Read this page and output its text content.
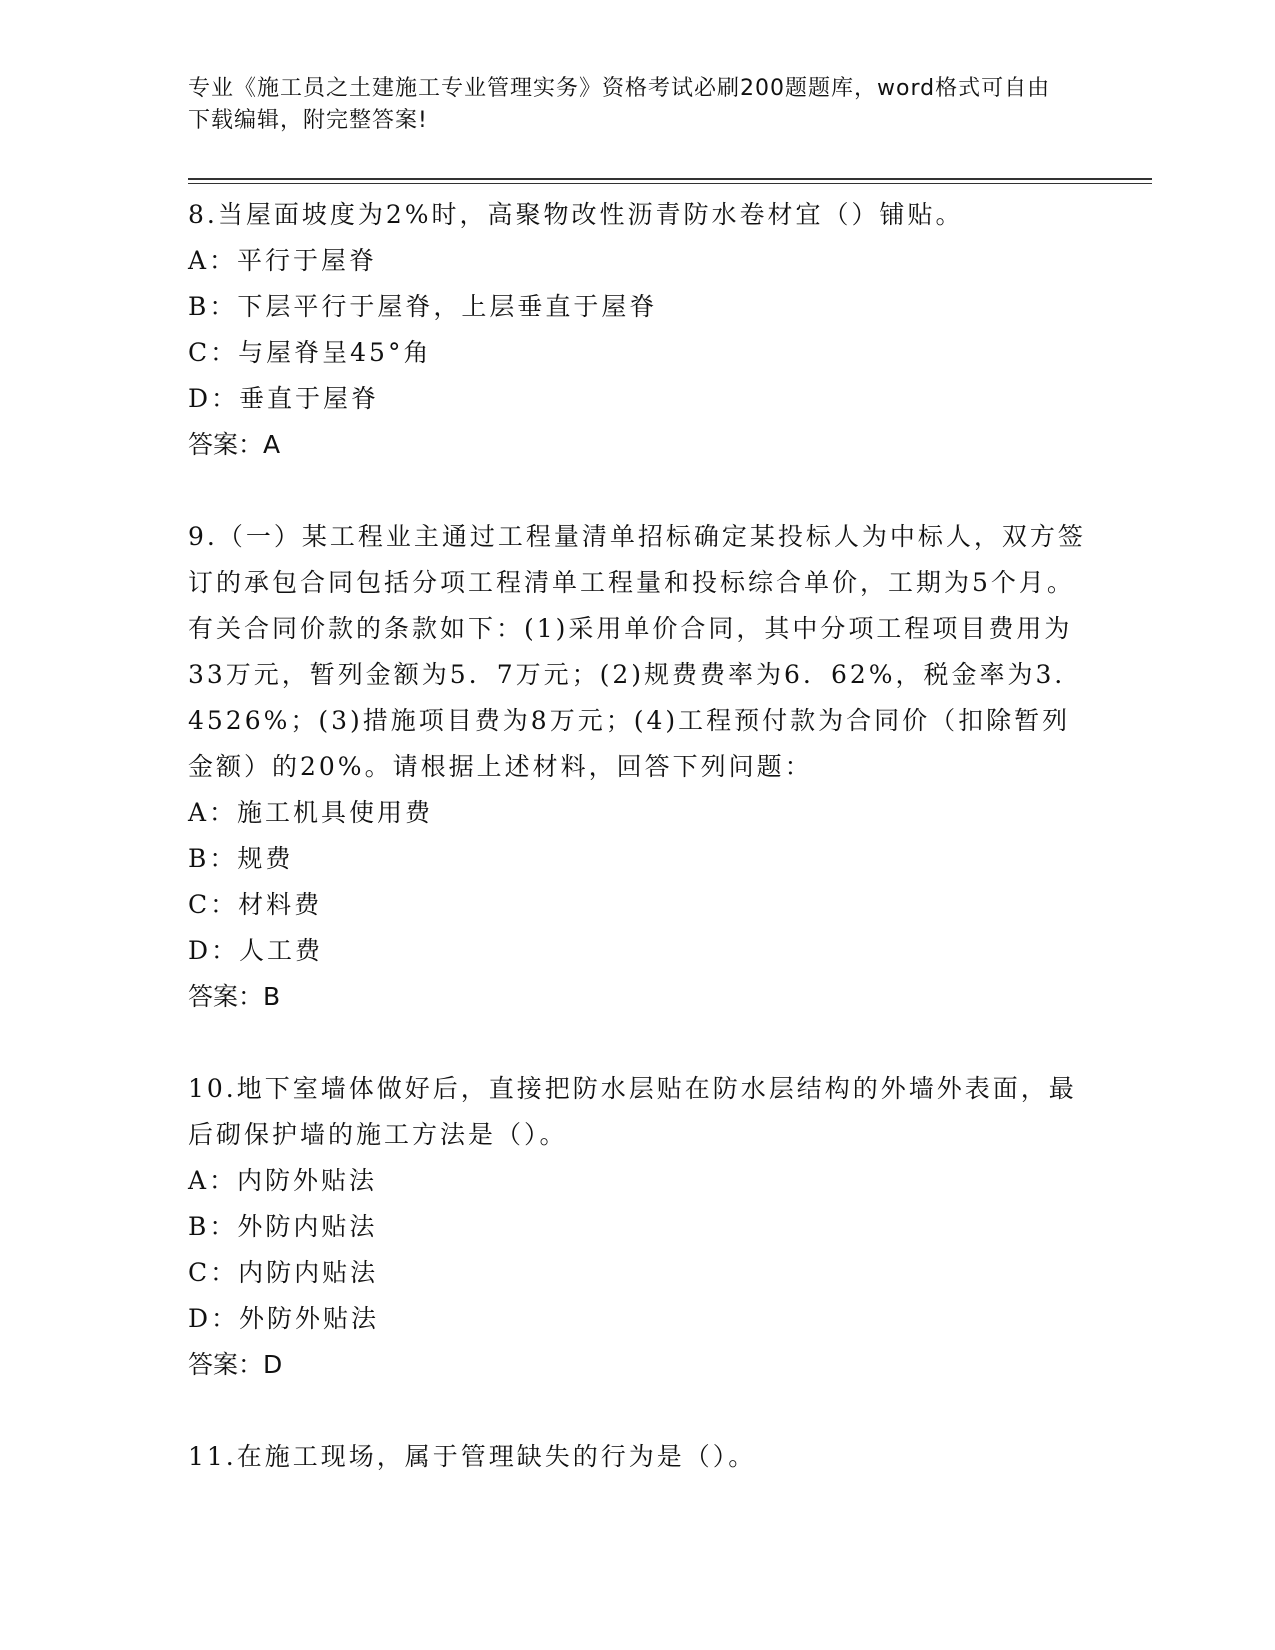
专业《施工员之土建施工专业管理实务》资格考试必刷200题题库，word格式可自由下载编辑，附完整答案!

8.当屋面坡度为2%时，高聚物改性沥青防水卷材宜（）铺贴。

A：平行于屋脊

B：下层平行于屋脊，上层垂直于屋脊

C：与屋脊呈45°角

D：垂直于屋脊

答案：A

9.（一）某工程业主通过工程量清单招标确定某投标人为中标人，双方签订的承包合同包括分项工程清单工程量和投标综合单价，工期为5个月。有关合同价款的条款如下：(1)采用单价合同，其中分项工程项目费用为33万元，暂列金额为5．7万元；(2)规费费率为6．62%，税金率为3．4526%；(3)措施项目费为8万元；(4)工程预付款为合同价（扣除暂列金额）的20%。请根据上述材料，回答下列问题：

A：施工机具使用费

B：规费

C：材料费

D：人工费

答案：B

10.地下室墙体做好后，直接把防水层贴在防水层结构的外墙外表面，最后砌保护墙的施工方法是（）。

A：内防外贴法

B：外防内贴法

C：内防内贴法

D：外防外贴法

答案：D

11.在施工现场，属于管理缺失的行为是（）。
